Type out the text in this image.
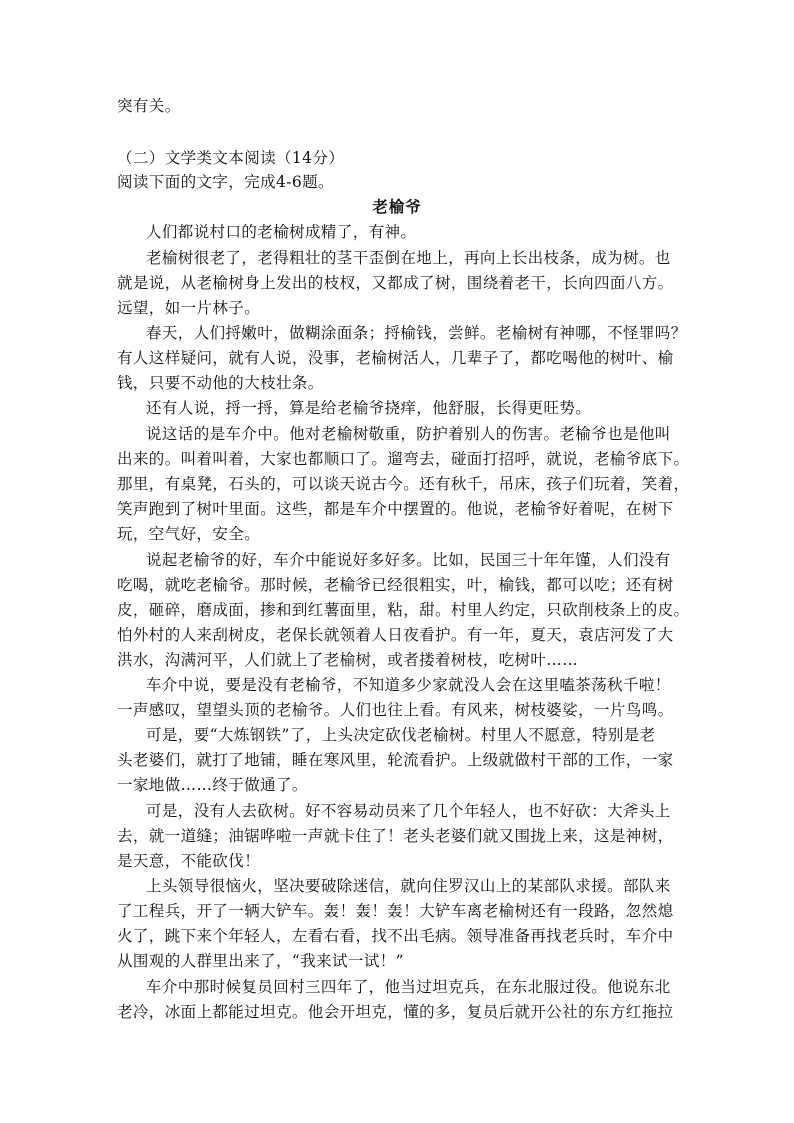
突有关。
（二）文学类文本阅读（14分）
阅读下面的文字，完成4-6题。
老榆爷
人们都说村口的老榆树成精了，有神。
老榆树很老了，老得粗壮的茎干歪倒在地上，再向上长出枝条，成为树。也
就是说，从老榆树身上发出的枝杈，又都成了树，围绕着老干，长向四面八方。
远望，如一片林子。
春天，人们捋嫩叶，做糊涂面条；捋榆钱，尝鲜。老榆树有神哪，不怪罪吗？
有人这样疑问，就有人说，没事，老榆树活人，几辈子了，都吃喝他的树叶、榆
钱，只要不动他的大枝壮条。
还有人说，捋一捋，算是给老榆爷挠痒，他舒服，长得更旺势。
说这话的是车介中。他对老榆树敬重，防护着别人的伤害。老榆爷也是他叫
出来的。叫着叫着，大家也都顺口了。遛弯去，碰面打招呼，就说，老榆爷底下。
那里，有桌凳，石头的，可以谈天说古今。还有秋千，吊床，孩子们玩着，笑着，
笑声跑到了树叶里面。这些，都是车介中摆置的。他说，老榆爷好着呢，在树下
玩，空气好，安全。
说起老榆爷的好，车介中能说好多好多。比如，民国三十年年馑，人们没有
吃喝，就吃老榆爷。那时候，老榆爷已经很粗实，叶，榆钱，都可以吃；还有树
皮，砸碎，磨成面，掺和到红薯面里，粘，甜。村里人约定，只砍削枝条上的皮。
怕外村的人来刮树皮，老保长就领着人日夜看护。有一年，夏天，袁店河发了大
洪水，沟满河平，人们就上了老榆树，或者搂着树枝，吃树叶……
车介中说，要是没有老榆爷，不知道多少家就没人会在这里嗑茶荡秋千啦！
一声感叹，望望头顶的老榆爷。人们也往上看。有风来，树枝婆娑，一片鸟鸣。
可是，要“大炼钢铁”了，上头决定砍伐老榆树。村里人不愿意，特别是老
头老婆们，就打了地铺，睡在寒风里，轮流看护。上级就做村干部的工作，一家
一家地做……终于做通了。
可是，没有人去砍树。好不容易动员来了几个年轻人，也不好砍：大斧头上
去，就一道缝；油锯哗啦一声就卡住了！老头老婆们就又围拢上来，这是神树，
是天意，不能砍伐！
上头领导很恼火，坚决要破除迷信，就向住罗汉山上的某部队求援。部队来
了工程兵，开了一辆大铲车。轰！轰！轰！大铲车离老榆树还有一段路，忽然熄
火了，跳下来个年轻人，左看右看，找不出毛病。领导准备再找老兵时，车介中
从围观的人群里出来了，“我来试一试！”
车介中那时候复员回村三四年了，他当过坦克兵，在东北服过役。他说东北
老冷，冰面上都能过坦克。他会开坦克，懂的多，复员后就开公社的东方红拖拉
